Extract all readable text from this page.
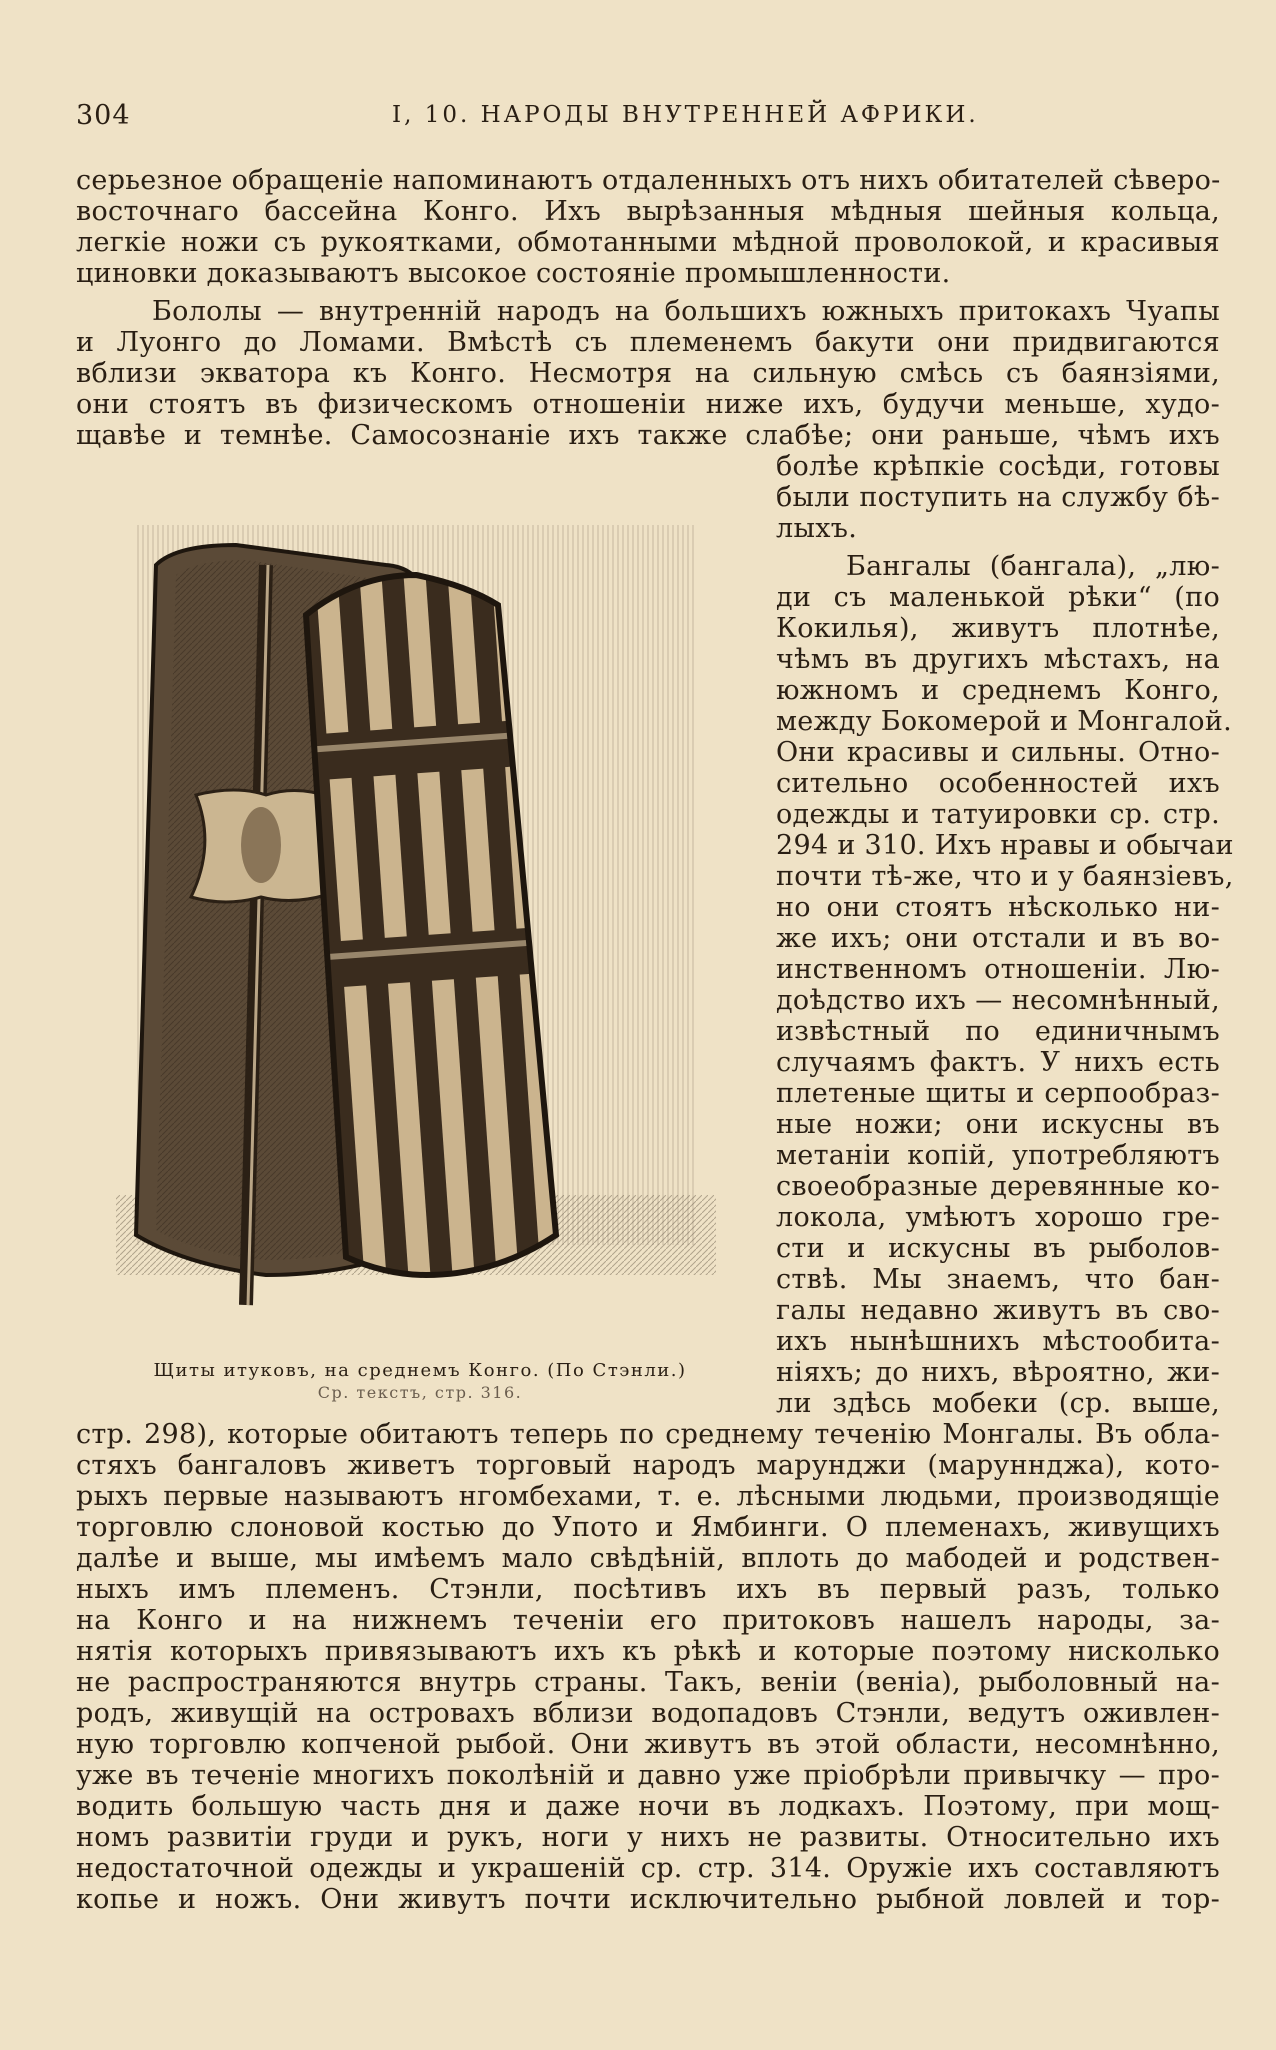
304	I, 10. НАРОДЫ ВНУТРЕННЕЙ АФРИКИ.
серьезное обращенiе напоминаютъ отдаленныхъ отъ нихъ обитателей сѣверо-
восточнаго бассейна Конго. Ихъ вырѣзанныя мѣдныя шейныя кольца,
легкiе ножи съ рукоятками, обмотанными мѣдной проволокой, и красивыя
циновки доказываютъ высокое состоянiе промышленности.
Бололы — внутреннiй народъ на большихъ южныхъ притокахъ Чуапы
и Луонго до Ломами. Вмѣстѣ съ племенемъ бакути они придвигаются
вблизи экватора къ Конго. Несмотря на сильную смѣсь съ баянзiями,
они стоятъ въ физическомъ отношенiи ниже ихъ, будучи меньше, худо-
щавѣе и темнѣе. Самосознанiе ихъ также слабѣе; они раньше, чѣмъ ихъ
болѣе крѣпкiе сосѣди, готовы
были поступить на службу бѣ-
лыхъ.
Бангалы (бангала), „лю-
ди съ маленькой рѣки“ (по
Кокилья), живутъ плотнѣе,
чѣмъ въ другихъ мѣстахъ, на
южномъ и среднемъ Конго,
между Бокомерой и Монгалой.
Они красивы и сильны. Отно-
сительно особенностей ихъ
одежды и татуировки ср. стр.
294 и 310. Ихъ нравы и обычаи
почти тѣ-же, что и у баянзiевъ,
но они стоятъ нѣсколько ни-
же ихъ; они отстали и въ во-
инственномъ отношенiи. Лю-
доѣдство ихъ — несомнѣнный,
извѣстный по единичнымъ
случаямъ фактъ. У нихъ есть
плетеные щиты и серпообраз-
ные ножи; они искусны въ
метанiи копiй, употребляютъ
своеобразные деревянные ко-
локола, умѣютъ хорошо гре-
сти и искусны въ рыболов-
ствѣ. Мы знаемъ, что бан-
галы недавно живутъ въ сво-
ихъ нынѣшнихъ мѣстообита-
нiяхъ; до нихъ, вѣроятно, жи-
ли здѣсь мобеки (ср. выше,
Щиты итуковъ, на среднемъ Конго. (По Стэнли.)
Ср. текстъ, стр. 316.
стр. 298), которые обитаютъ теперь по среднему теченiю Монгалы. Въ обла-
стяхъ бангаловъ живетъ торговый народъ марунджи (маруннджа), кото-
рыхъ первые называютъ нгомбехами, т. е. лѣсными людьми, производящiе
торговлю слоновой костью до Упото и Ямбинги. О племенахъ, живущихъ
далѣе и выше, мы имѣемъ мало свѣдѣнiй, вплоть до мабодей и родствен-
ныхъ имъ племенъ. Стэнли, посѣтивъ ихъ въ первый разъ, только
на Конго и на нижнемъ теченiи его притоковъ нашелъ народы, за-
нятiя которыхъ привязываютъ ихъ къ рѣкѣ и которые поэтому нисколько
не распространяются внутрь страны. Такъ, венiи (венiа), рыболовный на-
родъ, живущiй на островахъ вблизи водопадовъ Стэнли, ведутъ оживлен-
ную торговлю копченой рыбой. Они живутъ въ этой области, несомнѣнно,
уже въ теченiе многихъ поколѣнiй и давно уже прiобрѣли привычку — про-
водить большую часть дня и даже ночи въ лодкахъ. Поэтому, при мощ-
номъ развитiи груди и рукъ, ноги у нихъ не развиты. Относительно ихъ
недостаточной одежды и украшенiй ср. стр. 314. Оружiе ихъ составляютъ
копье и ножъ. Они живутъ почти исключительно рыбной ловлей и тор-
